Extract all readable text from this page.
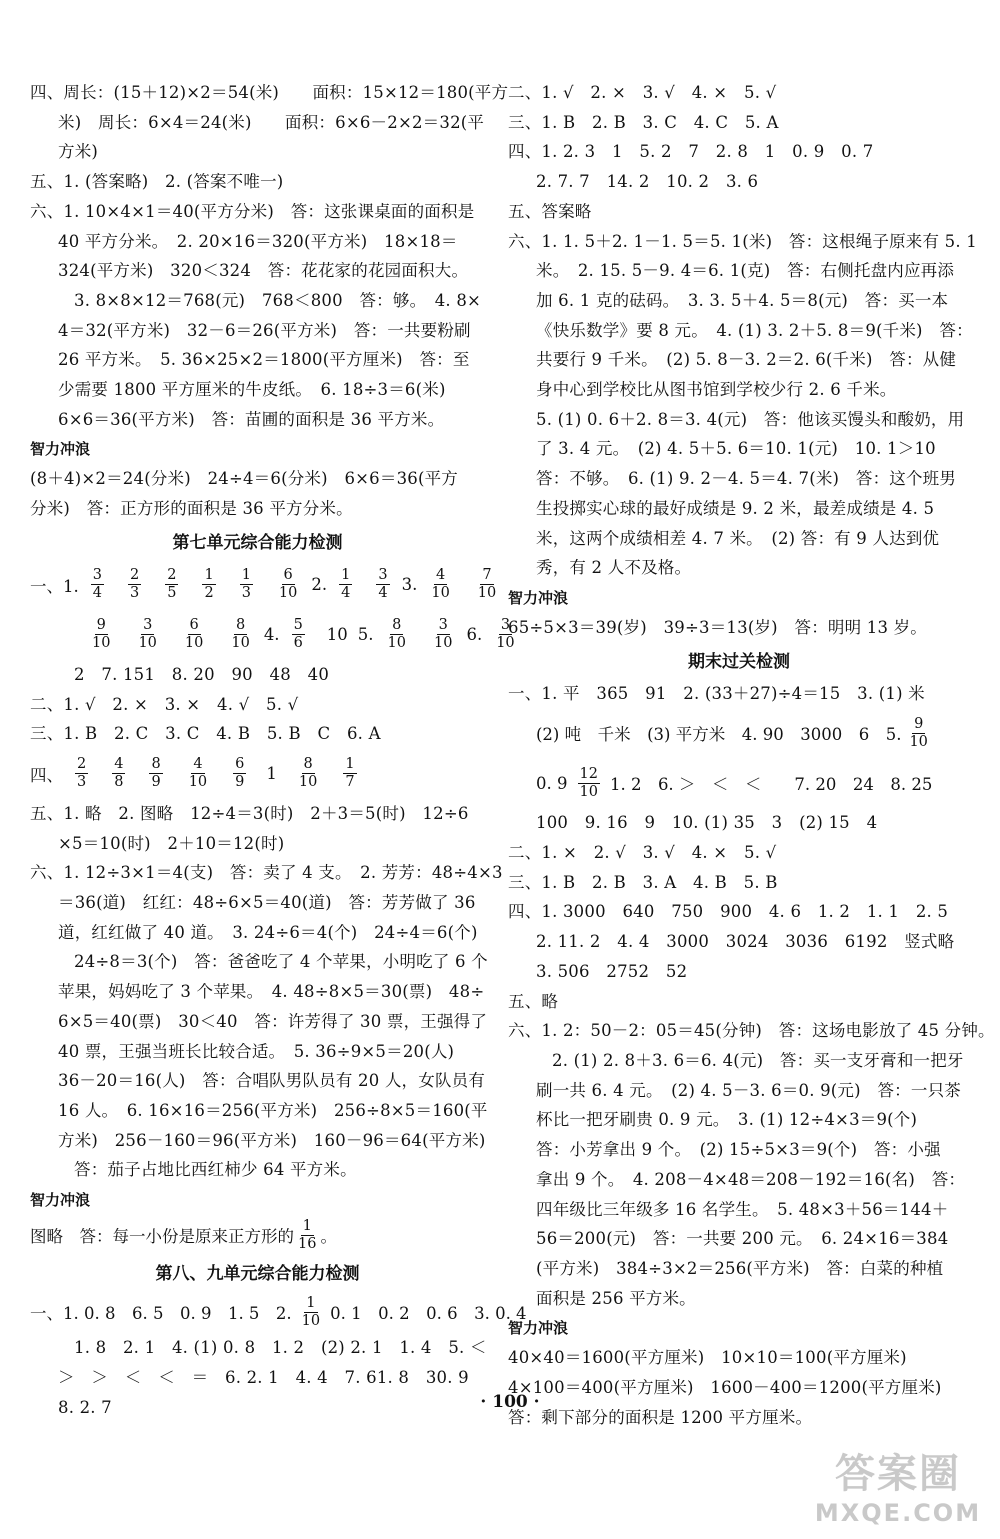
四、周长：(15＋12)×2＝54(米)　　面积：15×12＝180(平方
米)　周长：6×4＝24(米)　　面积：6×6－2×2＝32(平
方米)
五、1. (答案略)　2. (答案不唯一)
六、1. 10×4×1＝40(平方分米)　答：这张课桌面的面积是
40 平方分米。　2. 20×16＝320(平方米)　18×18＝
324(平方米)　320＜324　答：花花家的花园面积大。
3. 8×8×12＝768(元)　768＜800　答：够。　4. 8×
4＝32(平方米)　32－6＝26(平方米)　答：一共要粉刷
26 平方米。　5. 36×25×2＝1800(平方厘米)　答：至
少需要 1800 平方厘米的牛皮纸。　6. 18÷3＝6(米)
6×6＝36(平方米)　答：苗圃的面积是 36 平方米。
智力冲浪
(8＋4)×2＝24(分米)　24÷4＝6(分米)　6×6＝36(平方
分米)　答：正方形的面积是 36 平方分米。
第七单元综合能力检测
一、1. $\frac{3}{4} \frac{2}{3} \frac{2}{5} \frac{1}{2} \frac{1}{3} \frac{6}{10} 2$. $\frac{1}{4} \frac{3}{4} 3$. $\frac{4}{10} \frac{7}{10}$
$\frac{9}{10} \frac{3}{10} \frac{6}{10} \frac{8}{10} 4$. $\frac{5}{6} 10$ 5. $\frac{8}{10} \frac{3}{10} 6$. $\frac{3}{10}$
2　7. 151　8. 20　90　48　40
二、1. √　2. ×　3. ×　4. √　5. √
三、1. B　2. C　3. C　4. B　5. B　C　6. A
四、 $\frac{2}{3} \frac{4}{8} \frac{8}{9} \frac{4}{10} \frac{6}{9} 1 \frac{8}{10} \frac{1}{7}$
五、1. 略　2. 图略　12÷4＝3(时)　2＋3＝5(时)　12÷6
×5＝10(时)　2＋10＝12(时)
六、1. 12÷3×1＝4(支)　答：卖了 4 支。　2. 芳芳：48÷4×3
＝36(道)　红红：48÷6×5＝40(道)　答：芳芳做了 36
道，红红做了 40 道。　3. 24÷6＝4(个)　24÷4＝6(个)
24÷8＝3(个)　答：爸爸吃了 4 个苹果，小明吃了 6 个
苹果，妈妈吃了 3 个苹果。　4. 48÷8×5＝30(票)　48÷
6×5＝40(票)　30＜40　答：许芳得了 30 票，王强得了
40 票，王强当班长比较合适。　5. 36÷9×5＝20(人)
36－20＝16(人)　答：合唱队男队员有 20 人，女队员有
16 人。　6. 16×16＝256(平方米)　256÷8×5＝160(平
方米)　256－160＝96(平方米)　160－96＝64(平方米)
答：茄子占地比西红柿少 64 平方米。
智力冲浪
图略　答：每一小份是原来正方形的 $\frac{1}{16}$ 。
第八、九单元综合能力检测
一、1. 0. 8　6. 5　0. 9　1. 5　2. $\frac{1}{10} 0$. 1　0. 2　0. 6　3. 0. 4
1. 8　2. 1　4. (1) 0. 8　1. 2　(2) 2. 1　1. 4　5. ＜
＞　＞　＜　＜　＝　6. 2. 1　4. 4　7. 61. 8　30. 9
8. 2. 7
二、1. √　2. ×　3. √　4. ×　5. √
三、1. B　2. B　3. C　4. C　5. A
四、1. 2. 3　1　5. 2　7　2. 8　1　0. 9　0. 7
2. 7. 7　14. 2　10. 2　3. 6
五、答案略
六、1. 1. 5＋2. 1－1. 5＝5. 1(米)　答：这根绳子原来有 5. 1
米。　2. 15. 5－9. 4＝6. 1(克)　答：右侧托盘内应再添
加 6. 1 克的砝码。　3. 3. 5＋4. 5＝8(元)　答：买一本
《快乐数学》要 8 元。　4. (1) 3. 2＋5. 8＝9(千米)　答：
共要行 9 千米。　(2) 5. 8－3. 2＝2. 6(千米)　答：从健
身中心到学校比从图书馆到学校少行 2. 6 千米。
5. (1) 0. 6＋2. 8＝3. 4(元)　答：他该买馒头和酸奶，用
了 3. 4 元。　(2) 4. 5＋5. 6＝10. 1(元)　10. 1＞10
答：不够。　6. (1) 9. 2－4. 5＝4. 7(米)　答：这个班男
生投掷实心球的最好成绩是 9. 2 米，最差成绩是 4. 5
米，这两个成绩相差 4. 7 米。　(2) 答：有 9 人达到优
秀，有 2 人不及格。
智力冲浪
65÷5×3＝39(岁)　39÷3＝13(岁)　答：明明 13 岁。
期末过关检测
一、1. 平　365　91　2. (33＋27)÷4＝15　3. (1) 米
(2) 吨　千米　(3) 平方米　4. 90　3000　6　5. $\frac{9}{10}$
0. $9 \frac{12}{10} 1$. 2　6. ＞　＜　＜　　7. 20　24　8. 25
100　9. 16　9　10. (1) 35　3　(2) 15　4
二、1. ×　2. √　3. √　4. ×　5. √
三、1. B　2. B　3. A　4. B　5. B
四、1. 3000　640　750　900　4. 6　1. 2　1. 1　2. 5
2. 11. 2　4. 4　3000　3024　3036　6192　竖式略
3. 506　2752　52
五、略
六、1. 2：50－2：05＝45(分钟)　答：这场电影放了 45 分钟。
2. (1) 2. 8＋3. 6＝6. 4(元)　答：买一支牙膏和一把牙
刷一共 6. 4 元。　(2) 4. 5－3. 6＝0. 9(元)　答：一只茶
杯比一把牙刷贵 0. 9 元。　3. (1) 12÷4×3＝9(个)
答：小芳拿出 9 个。　(2) 15÷5×3＝9(个)　答：小强
拿出 9 个。　4. 208－4×48＝208－192＝16(名)　答：
四年级比三年级多 16 名学生。　5. 48×3＋56＝144＋
56＝200(元)　答：一共要 200 元。　6. 24×16＝384
(平方米)　384÷3×2＝256(平方米)　答：白菜的种植
面积是 256 平方米。
智力冲浪
40×40＝1600(平方厘米)　10×10＝100(平方厘米)
4×100＝400(平方厘米)　1600－400＝1200(平方厘米)
答：剩下部分的面积是 1200 平方厘米。
· 100 ·
答案圈
MXQE.COM
